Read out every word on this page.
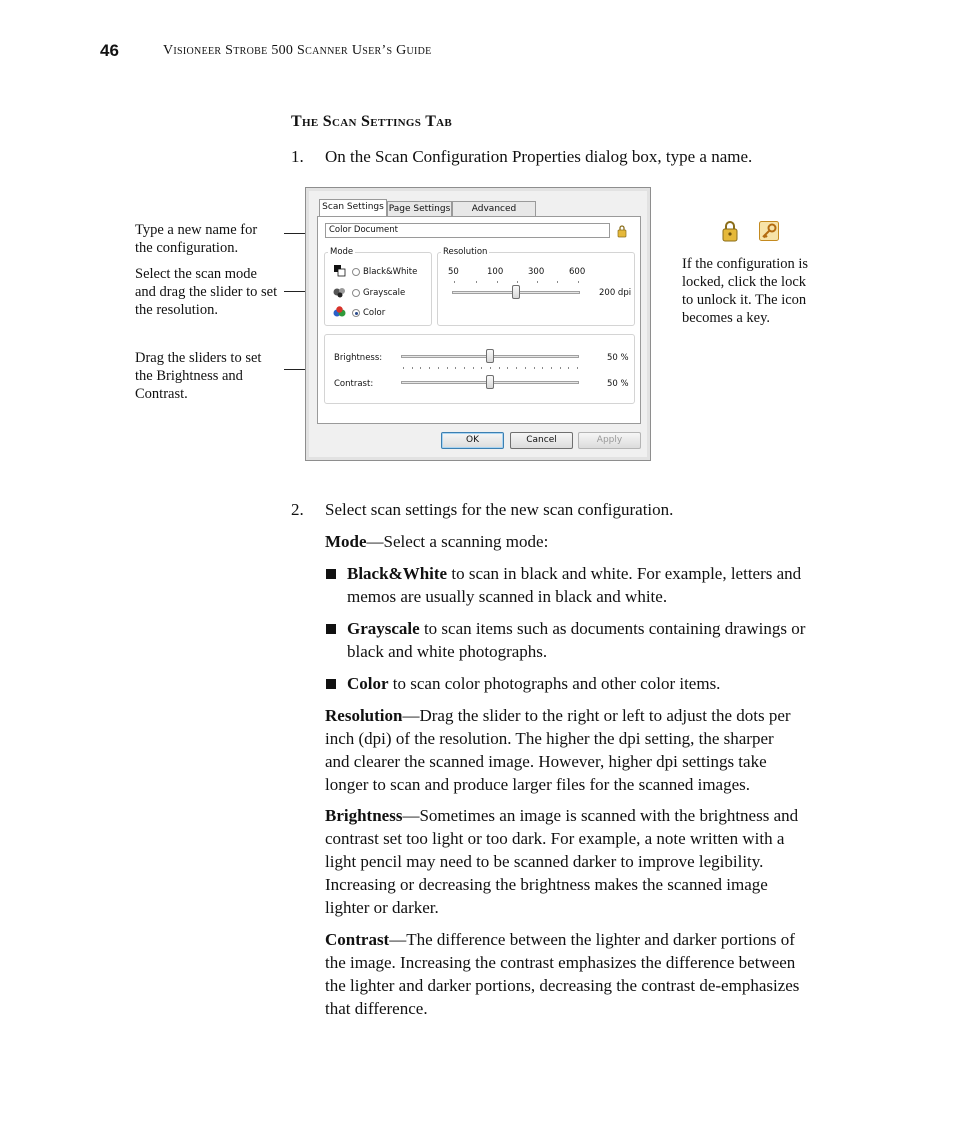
46	Visioneer Strobe 500 Scanner User’s Guide
The Scan Settings Tab
1. On the Scan Configuration Properties dialog box, type a name.
Type a new name for
the configuration.
Select the scan mode
and drag the slider to set
the resolution.
Drag the sliders to set
the Brightness and
Contrast.
If the configuration is
locked, click the lock
to unlock it. The icon
becomes a key.
Scan Settings Page Settings	Advanced
Color Document
Mode
Black&White
Grayscale
Color
Resolution
50	100	300	600
200 dpi
Brightness:	50 %
Contrast:	50 %
OK	Cancel	Apply
2. Select scan settings for the new scan configuration.
Mode—Select a scanning mode:
Black&White to scan in black and white. For example, letters and
memos are usually scanned in black and white.
Grayscale to scan items such as documents containing drawings or
black and white photographs.
Color to scan color photographs and other color items.
Resolution—Drag the slider to the right or left to adjust the dots per
inch (dpi) of the resolution. The higher the dpi setting, the sharper
and clearer the scanned image. However, higher dpi settings take
longer to scan and produce larger files for the scanned images.
Brightness—Sometimes an image is scanned with the brightness and
contrast set too light or too dark. For example, a note written with a
light pencil may need to be scanned darker to improve legibility.
Increasing or decreasing the brightness makes the scanned image
lighter or darker.
Contrast—The difference between the lighter and darker portions of
the image. Increasing the contrast emphasizes the difference between
the lighter and darker portions, decreasing the contrast de-emphasizes
that difference.
